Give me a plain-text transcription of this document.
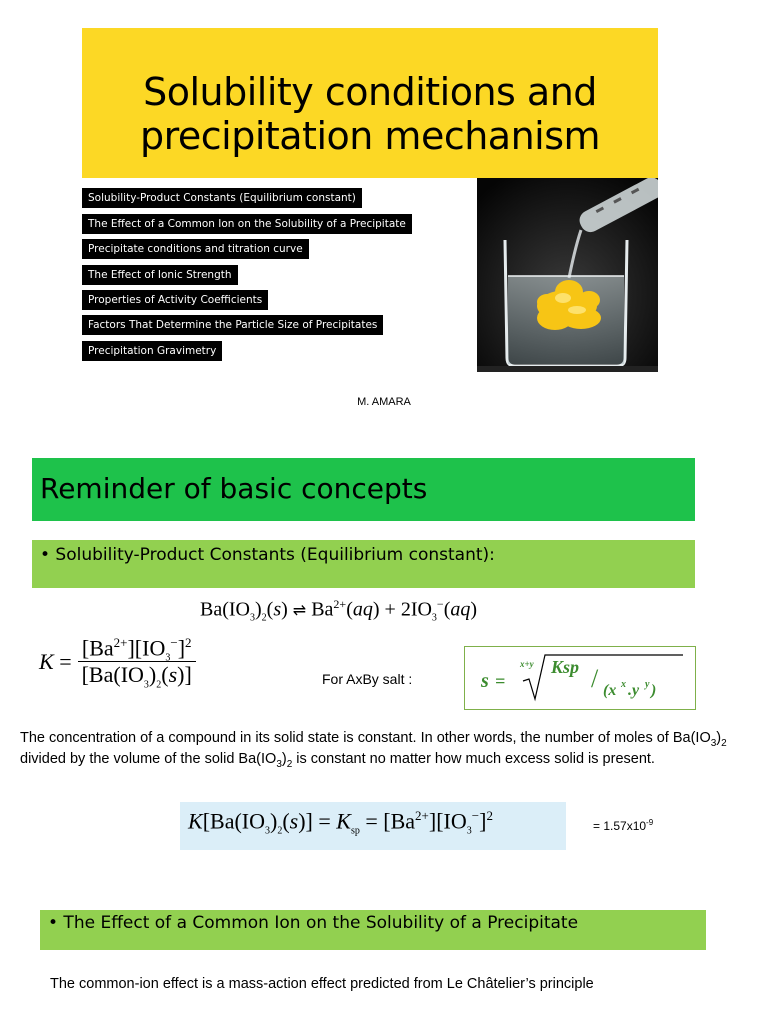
Solubility conditions and
precipitation mechanism
Solubility-Product Constants (Equilibrium constant)
The Effect of a Common Ion on the Solubility of a Precipitate
Precipitate conditions and titration curve
The Effect of Ionic Strength
Properties of Activity Coefficients
Factors That Determine the Particle Size of Precipitates
Precipitation Gravimetry
M. AMARA
Reminder of basic concepts
• Solubility-Product Constants (Equilibrium constant):
$Ba(IO_3)_2(s)$ ⇌ $Ba^{2+}(aq) + 2IO_3^-(aq)$
K =	$[Ba^{2+}][IO_3^-]^2$
$[Ba(IO_3)_2(s)]$	For AxBy salt :	s =
x+y Ksp / (x x .y y )
The concentration of a compound in its solid state is constant. In other words, the number of moles of $Ba(IO_3)_2$ divided by the volume of the solid $Ba(IO_3)_2$ is constant no matter how much excess solid is present.
$K[Ba(IO_3)_2(s)] = K_{sp} = [Ba^{2+}][IO_3^-]^2$
= $1.57x10^{-9}$
• The Effect of a Common Ion on the Solubility of a Precipitate
The common-ion effect is a mass-action effect predicted from Le Châtelier’s principle
